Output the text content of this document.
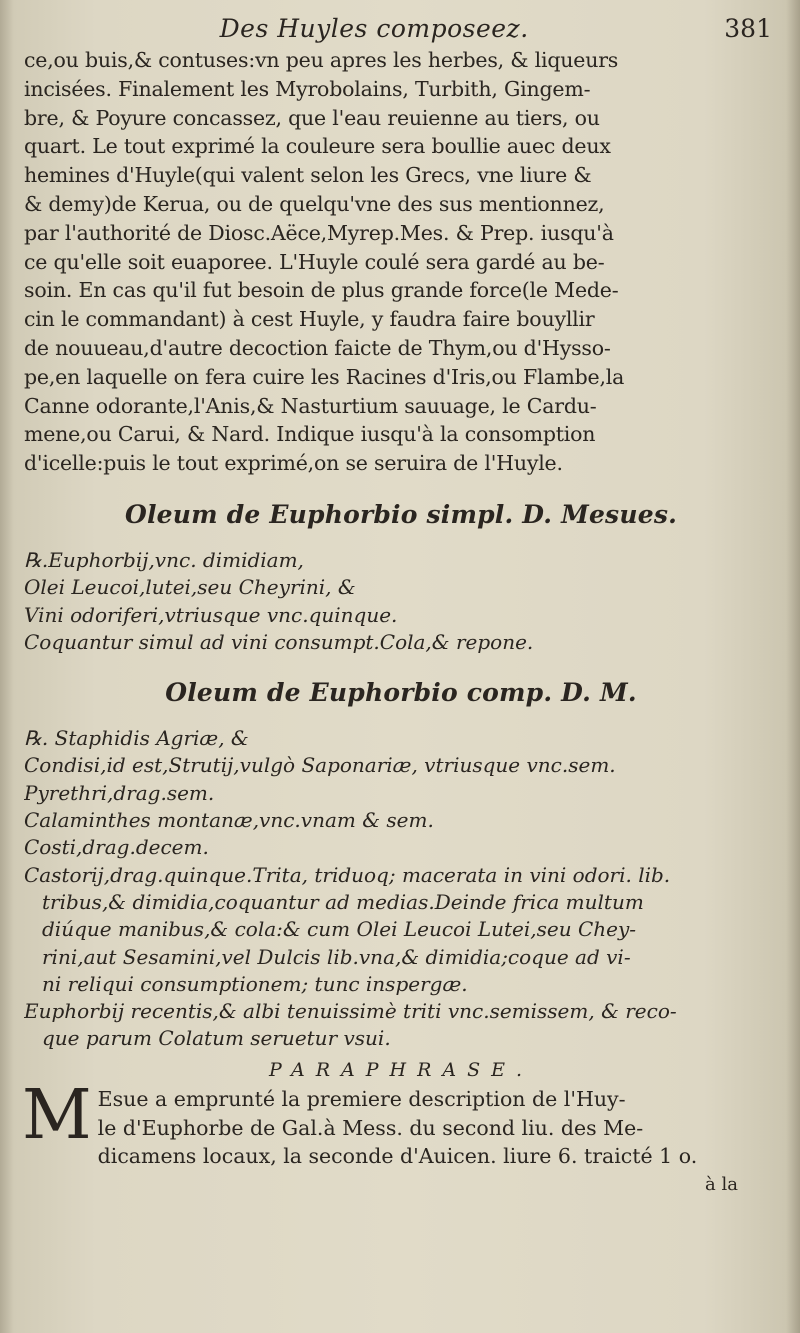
Des Huyles composeez.	381

ce,ou buis,& contuses:vn peu apres les herbes, & liqueurs
incisées. Finalement les Myrobolains, Turbith, Gingem-
bre, & Poyure concassez, que l'eau reuienne au tiers, ou
quart. Le tout exprimé la couleure sera boullie auec deux
hemines d'Huyle(qui valent selon les Grecs, vne liure &
& demy)de Kerua, ou de quelqu'vne des sus mentionnez,
par l'authorité de Diosc.Aëce,Myrep.Mes. & Prep. iusqu'à
ce qu'elle soit euaporee. L'Huyle coulé sera gardé au be-
soin. En cas qu'il fut besoin de plus grande force(le Mede-
cin le commandant) à cest Huyle, y faudra faire bouyllir
de nouueau,d'autre decoction faicte de Thym,ou d'Hysso-
pe,en laquelle on fera cuire les Racines d'Iris,ou Flambe,la
Canne odorante,l'Anis,& Nasturtium sauuage, le Cardu-
mene,ou Carui, & Nard. Indique iusqu'à la consomption
d'icelle:puis le tout exprimé,on se seruira de l'Huyle.

Oleum de Euphorbio simpl. D. Mesues.
℞.Euphorbij,vnc. dimidiam,
Olei Leucoi,lutei,seu Cheyrini, &
Vini odoriferi,vtriusque vnc.quinque.
Coquantur simul ad vini consumpt.Cola,& repone.
Oleum de Euphorbio comp. D. M.
℞. Staphidis Agriæ, &
Condisi,id est,Strutij,vulgò Saponariæ, vtriusque vnc.sem.
Pyrethri,drag.sem.
Calaminthes montanæ,vnc.vnam & sem.
Costi,drag.decem.
Castorij,drag.quinque.Trita, triduoq; macerata in vini odori. lib.
tribus,& dimidia,coquantur ad medias.Deinde frica multum
diúque manibus,& cola:& cum Olei Leucoi Lutei,seu Chey-
rini,aut Sesamini,vel Dulcis lib.vna,& dimidia;coque ad vi-
ni reliqui consumptionem; tunc inspergæ.
Euphorbij recentis,& albi tenuissimè triti vnc.semissem, & reco-
que parum Colatum seruetur vsui.
PARAPHRASE.
M Esue a emprunté la premiere description de l'Huy-
le d'Euphorbe de Gal.à Mess. du second liu. des Me-
dicamens locaux, la seconde d'Auicen. liure 6. traicté 1 o.
à la
